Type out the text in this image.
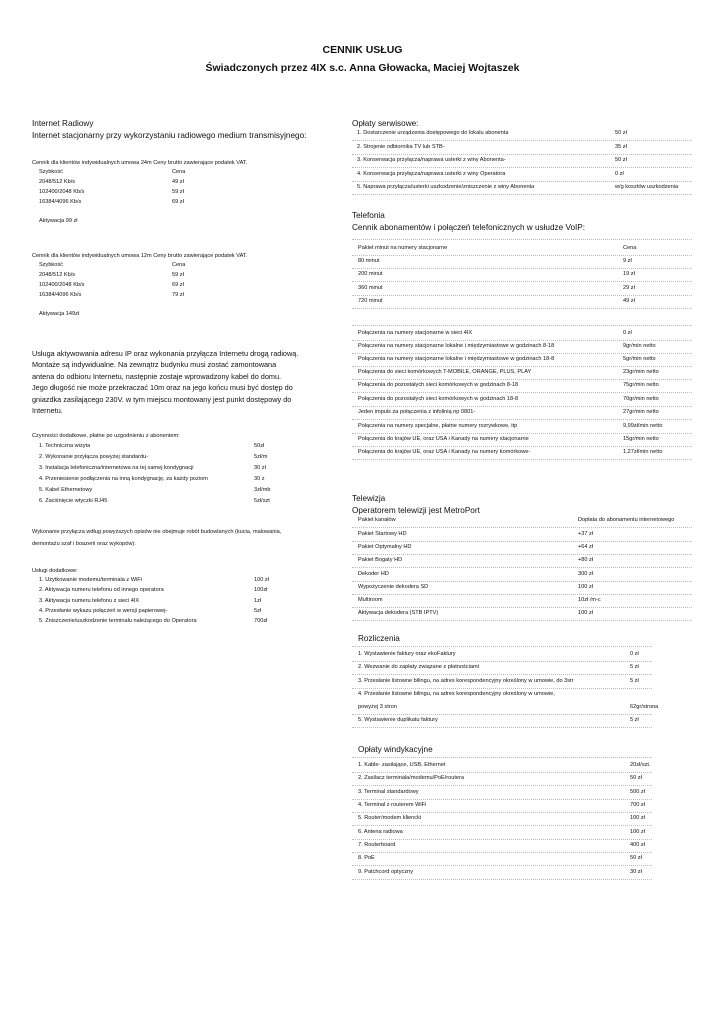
CENNIK USŁUG
Świadczonych przez 4IX s.c. Anna Głowacka, Maciej Wojtaszek
Internet Radiowy
Internet stacjonarny przy wykorzystaniu radiowego medium transmisyjnego:
Cennik dla klientów indywidualnych umowa 24m Ceny brutto zawierające podatek VAT.
Szybkość	Cena
2048/512 Kb/s	49 zł
102400/2048 Kb/s	59 zł
16384/4096 Kb/s	69 zł
Aktywacja 99 zł
Cennik dla klientów indywidualnych umowa 12m Ceny brutto zawierające podatek VAT.
Szybkość	Cena
2048/512 Kb/s	59 zł
102400/2048 Kb/s	69 zł
16384/4096 Kb/s	79 zł
Aktywacja 149zł
Usługa aktywowania adresu IP oraz wykonania przyłącza Internetu drogą radiową.
Montaże są indywidualne. Na zewnątrz budynku musi zostać zamontowana
antena do odbioru Internetu, następnie zostaje wprowadzony kabel do domu.
Jego długość nie może przekraczać 10m oraz na jego końcu musi być dostęp do
gniazdka zasilającego 230V. w tym miejscu montowany jest punkt dostępowy do
Internetu.
Czynności dodatkowe, płatne po uzgodnieniu z abonentem:
1. Techniczna wizyta	50zł
2. Wykonanie przyłącza powyżej standardu-	5zł/m
3. Instalacja telefoniczna/internetowa na tej samej kondygnacji	30 zł
4. Przeniesienie podłączenia na inną kondygnację, za każdy poziom	30 z
5. Kabel Ethernetowy	3zł/mb
6. Zaciśnięcie wtyczki RJ45	5zł/szt
Wykonanie przyłącza wdług powyższych opisów nie obejmuje robót budowlanych (kucia, malowania,
demontażu szaf i boazerii oraz wykopów).
Usługi dodatkowe:
1. Użytkowanie modemu/terminala z WiFi	100 zł
2. Aktywacja numeru telefonu od innego operatora	100zł
3. Aktywacja numeru telefonu z sieci 4IX	1zł
4. Przesłanie wykazu połączeń w wersji papierowej-	5zł
5. Zniszczenie/uszkodzenie terminalu należącego do Operatora	700zł
Opłaty serwisowe:
1. Dostarczenie urządzenia dostępowego do lokalu abonenta	50 zł
2. Strojenie odbiornika TV lub STB-	35 zł
3. Konserwacja przyłącza/naprawa usterki z winy Abonenta-	50 zł
4. Konserwacja przyłącza/naprawa usterki z winy Operatora	0 zł
5. Naprawa przyłącza/usterki uszkodzenie/zniszczenie z winy Abonenta	w/g kosztów uszkodzenia
Telefonia
Cennik abonamentów i połączeń telefonicznych w usłudze VoIP:
Pakiet minut na numery stacjonarne	Cena
80 minut	9 zł
200 minut	19 zł
360 minut	29 zł
720 minut	49 zł
Połączenia na numery stacjonarne w sieci 4IX	0 zł
Połączenia na numery stacjonarne lokalne i międzymiastowe w godzinach 8-18	9gr/min netto
Połączenia na numery stacjonarne lokalne i międzymiastowe w godzinach 18-8	5gr/min netto
Połączenia do sieci komórkowych T-MOBILE, ORANGE, PLUS, PLAY	23gr/min netto
Połączenia do pozostałych sieci komórkowych w godzinach 8-18	75gr/min netto
Połączenia do pozostałych sieci komórkowych w godzinach 18-8	70gr/min netto
Jeden impuls za połączenia z infolinią np 0801-	27gr/min netto
Połączenia na numery specjalne, płatne numery rozrywkowe, itp	9,99zł/min netto
Połączenia do krajów UE, oraz USA i Kanady na numery stacjonarne	15gr/min netto
Połączenia do krajów UE, oraz USA i Kanady na numery komórkowe-	1,27zł/min netto
Telewizja
Operatorem telewizji jest MetroPort
Pakiet kanałów	Dopłata do abonamentu internetowego
Pakiet Startowy HD	+37 zł
Pakiet Optymalny HD	+64 zł
Pakiet Bogaty HD	+80 zł
Dekoder HD	300 zł
Wypożyczenie dekodera SD	100 zł
Multiroom	10zł /m-c
Aktywacja dekodera (STB IPTV)	100 zł
Rozliczenia
1. Wystawienie faktury oraz ekoFaktury	0 zł
2. Wezwanie do zapłaty związane z płatnościami	5 zł
3. Przesłanie listowne bilingu, na adres korespondencyjny określony w umowie, do 3str	5 zł
4. Przesłanie listowne bilingu, na adres korespondencyjny określony w umowie,
powyżej 3 stron	62gr/strona
5. Wystawienie duplikatu faktury	5 zł
Opłaty windykacyjne
1. Kable- zasilające, USB, Ethernet	20zł/szt.
2. Zasilacz terminala/modemu/PoE/routera	50 zł
3. Terminal standardowy	500 zł
4. Terminal z routerem WiFi	700 zł
5. Router/modem kliencki	100 zł
6. Antena radiowa	100 zł
7. Routerboard	400 zł
8. PoE	50 zł
9. Patchcord optyczny	30 zł
